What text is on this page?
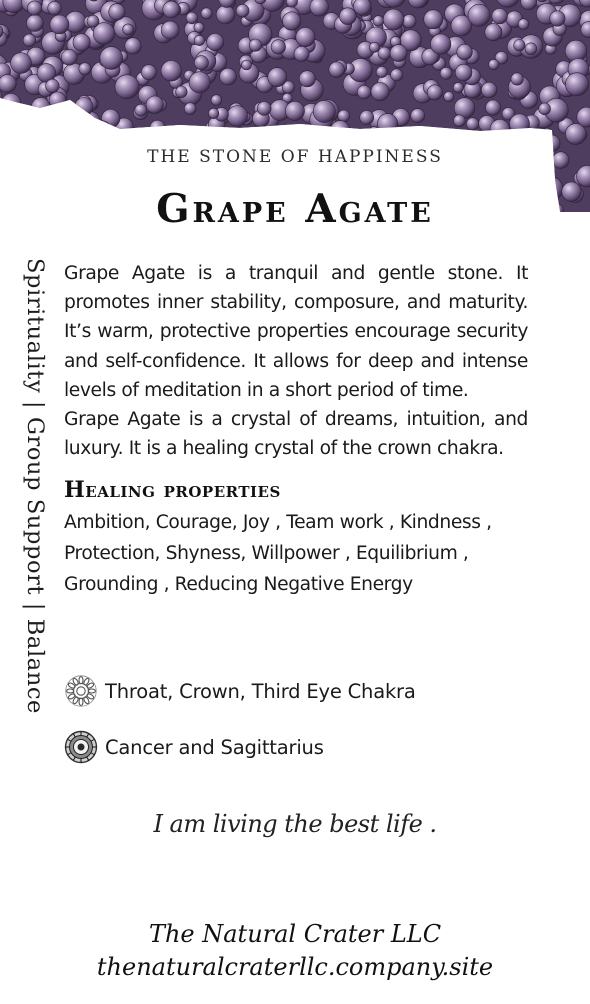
THE STONE OF HAPPINESS
Grape Agate
Spirituality | Group Support | Balance Grape Agate is a tranquil and gentle stone. It promotes inner stability, composure, and maturity. It’s warm, protective properties encourage security and self-confidence. It allows for deep and intense levels of meditation in a short period of time.

Grape Agate is a crystal of dreams, intuition, and luxury. It is a healing crystal of the crown chakra.

Healing properties
Ambition, Courage, Joy , Team work , Kindness , Protection, Shyness, Willpower , Equilibrium , Grounding , Reducing Negative Energy
Throat, Crown, Third Eye Chakra
Cancer and Sagittarius
I am living the best life .
The Natural Crater LLC
thenaturalcraterllc.company.site
